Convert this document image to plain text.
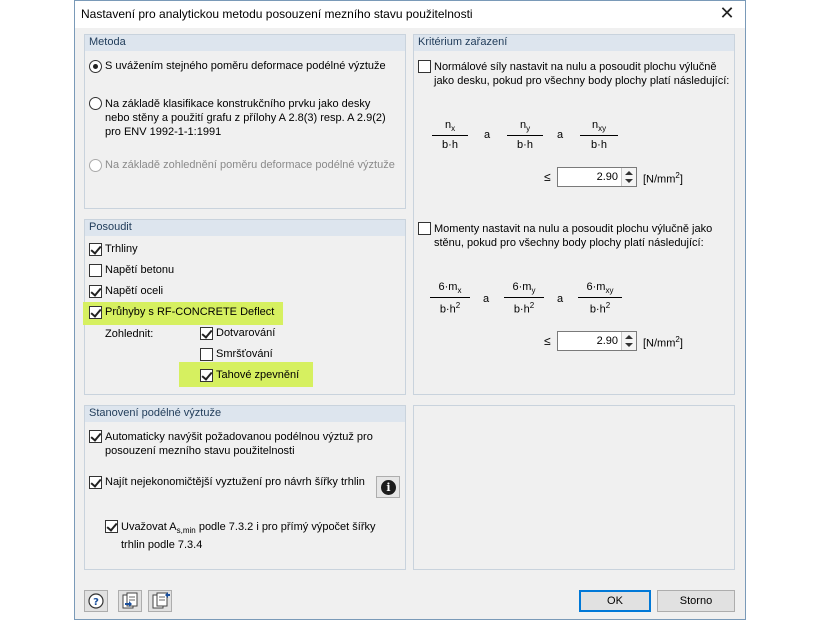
Nastavení pro analytickou metodu posouzení mezního stavu použitelnosti	✕
Metoda
S uvážením stejného poměru deformace podélné výztuže
Na základě klasifikace konstrukčního prvku jako desky nebo stěny a použití grafu z přílohy A 2.8(3) resp. A 2.9(2) pro ENV 1992-1-1:1991
Na základě zohlednění poměru deformace podélné výztuže
Posoudit
Trhliny
Napětí betonu
Napětí oceli
Průhyby s RF-CONCRETE Deflect
Zohlednit:	Dotvarování
Smršťování
Tahové zpevnění
Stanovení podélné výztuže
Automaticky navýšit požadovanou podélnou výztuž pro posouzení mezního stavu použitelnosti
Najít nejekonomičtější vyztužení pro návrh šířky trhlin	i
Uvažovat $A_{s,min}$ podle 7.3.2 i pro přímý výpočet šířky trhlin podle 7.3.4
Kritérium zařazení
Normálové síly nastavit na nulu a posoudit plochu výlučně jako desku, pokud pro všechny body plochy platí následující:
$\frac{n_x}{b\cdot h}$ a $\frac{n_y}{b\cdot h}$ a
$n_{xy}$
b·h
≤	2.90 $[N/mm^2]$
Momenty nastavit na nulu a posoudit plochu výlučně jako stěnu, pokud pro všechny body plochy platí následující:
$\frac{6\cdot m_x}{b\cdot h^2}$ a $\frac{6\cdot m_y}{b\cdot h^2}$ a
$6\cdot m_{xy}$
$b\cdot h^2$
≤	2.90 $[N/mm^2]$
?	OK	Storno
